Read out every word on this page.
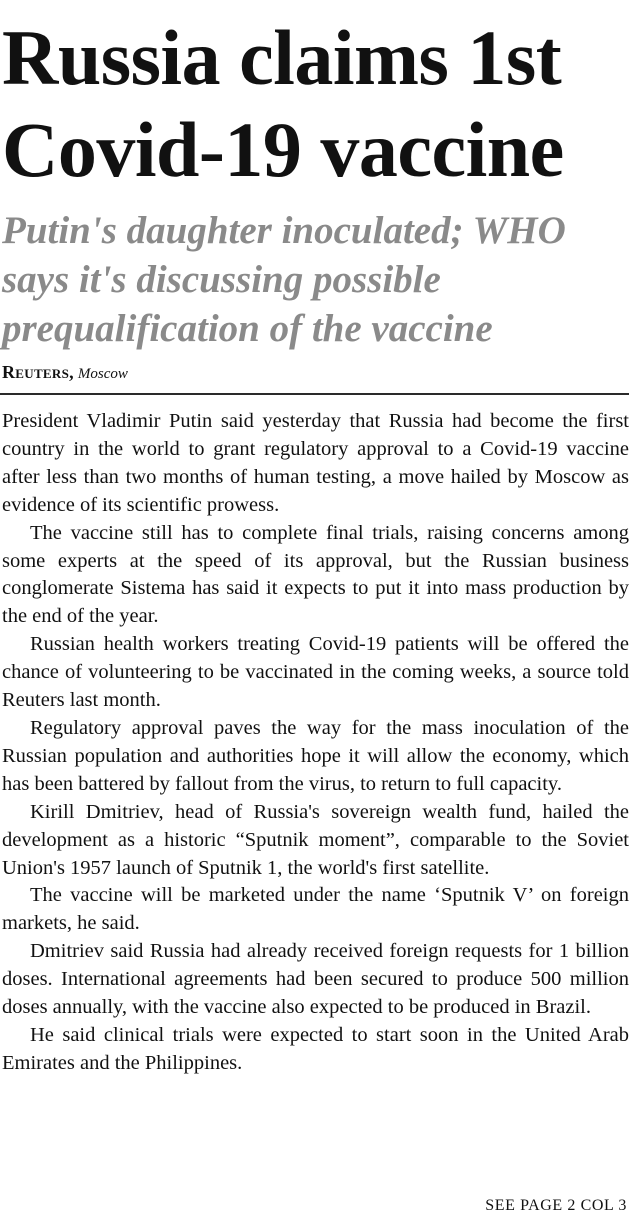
Russia claims 1st Covid-19 vaccine
Putin's daughter inoculated; WHO says it's discussing possible prequalification of the vaccine
Reuters, Moscow

President Vladimir Putin said yesterday that Russia had become the first country in the world to grant regulatory approval to a Covid-19 vaccine after less than two months of human testing, a move hailed by Moscow as evidence of its scientific prowess.

The vaccine still has to complete final trials, raising concerns among some experts at the speed of its approval, but the Russian business conglomerate Sistema has said it expects to put it into mass production by the end of the year.

Russian health workers treating Covid-19 patients will be offered the chance of volunteering to be vaccinated in the coming weeks, a source told Reuters last month.

Regulatory approval paves the way for the mass inoculation of the Russian population and authorities hope it will allow the economy, which has been battered by fallout from the virus, to return to full capacity.

Kirill Dmitriev, head of Russia's sovereign wealth fund, hailed the development as a historic “Sputnik moment”, comparable to the Soviet Union's 1957 launch of Sputnik 1, the world's first satellite.

The vaccine will be marketed under the name ‘Sputnik V’ on foreign markets, he said.

Dmitriev said Russia had already received foreign requests for 1 billion doses. International agreements had been secured to produce 500 million doses annually, with the vaccine also expected to be produced in Brazil.

He said clinical trials were expected to start soon in the United Arab Emirates and the Philippines.

SEE PAGE 2 COL 3
